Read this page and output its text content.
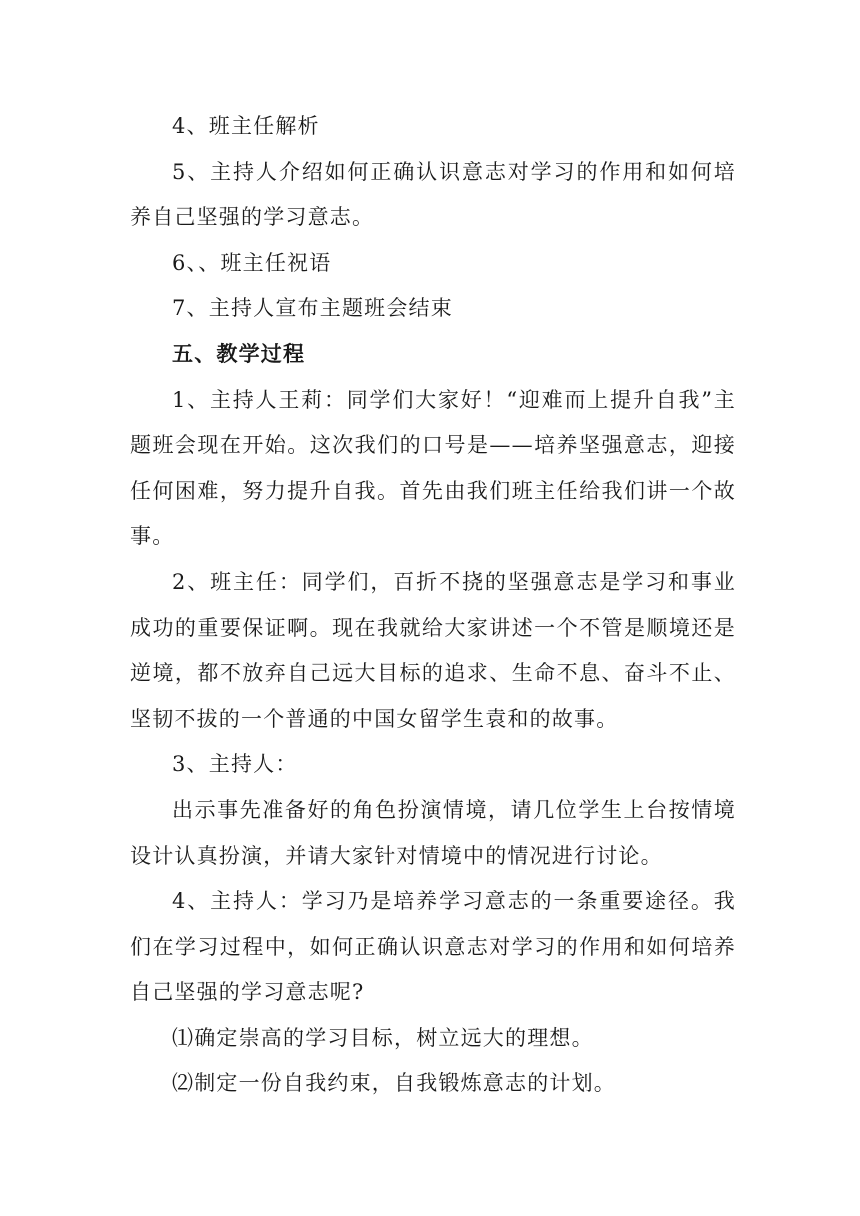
4、班主任解析

5、主持人介绍如何正确认识意志对学习的作用和如何培养自己坚强的学习意志。

6、、班主任祝语

7、主持人宣布主题班会结束

五、教学过程

1、主持人王莉：同学们大家好！“迎难而上提升自我”主题班会现在开始。这次我们的口号是——培养坚强意志，迎接任何困难，努力提升自我。首先由我们班主任给我们讲一个故事。

2、班主任：同学们，百折不挠的坚强意志是学习和事业成功的重要保证啊。现在我就给大家讲述一个不管是顺境还是逆境，都不放弃自己远大目标的追求、生命不息、奋斗不止、坚韧不拔的一个普通的中国女留学生袁和的故事。

3、主持人：

出示事先准备好的角色扮演情境，请几位学生上台按情境设计认真扮演，并请大家针对情境中的情况进行讨论。

4、主持人：学习乃是培养学习意志的一条重要途径。我们在学习过程中，如何正确认识意志对学习的作用和如何培养自己坚强的学习意志呢?

⑴确定崇高的学习目标，树立远大的理想。

⑵制定一份自我约束，自我锻炼意志的计划。
